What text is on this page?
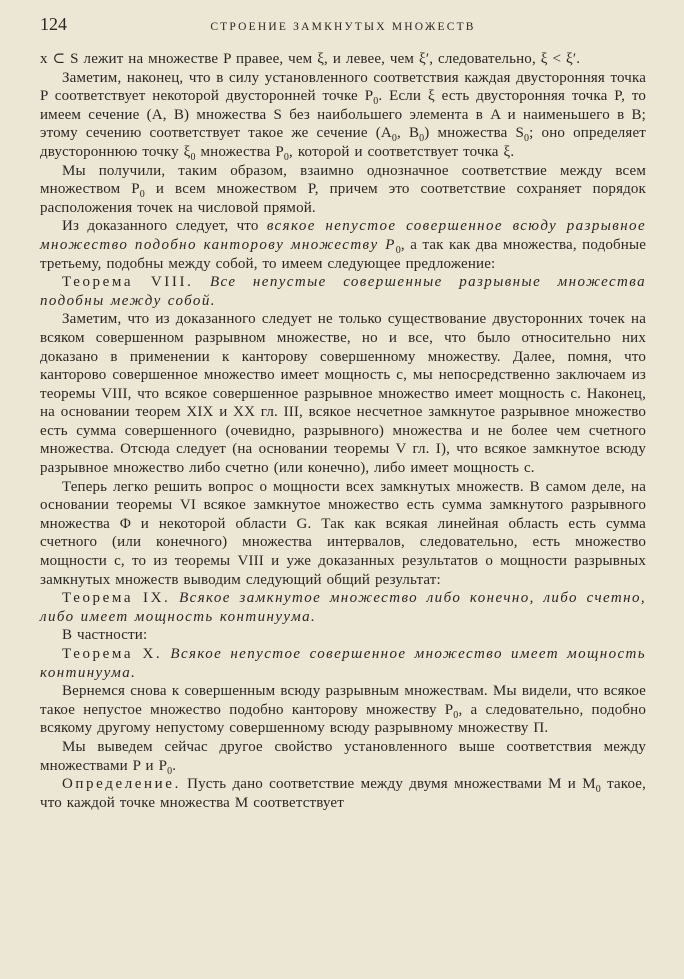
124	СТРОЕНИЕ ЗАМКНУТЫХ МНОЖЕСТВ

x ⊂ S лежит на множестве P правее, чем ξ, и левее, чем ξ′, следовательно, ξ < ξ′.

Заметим, наконец, что в силу установленного соответствия каждая двусторонняя точка P соответствует некоторой двусторонней точке $P_0$. Если ξ есть двусторонняя точка P, то имеем сечение (A, B) множества S без наибольшего элемента в A и наименьшего в B; этому сечению соответствует такое же сечение ($A_0$, $B_0$) множества $S_0$; оно определяет двустороннюю точку $\xi_0$ множества $P_0$, которой и соответствует точка ξ.

Мы получили, таким образом, взаимно однозначное соответствие между всем множеством $P_0$ и всем множеством P, причем это соответствие сохраняет порядок расположения точек на числовой прямой.

Из доказанного следует, что всякое непустое совершенное всюду разрывное множество подобно канторову множеству $P_0$, а так как два множества, подобные третьему, подобны между собой, то имеем следующее предложение:

Теорема VIII. Все непустые совершенные разрывные множества подобны между собой.

Заметим, что из доказанного следует не только существование двусторонних точек на всяком совершенном разрывном множестве, но и все, что было относительно них доказано в применении к канторову совершенному множеству. Далее, помня, что канторово совершенное множество имеет мощность c, мы непосредственно заключаем из теоремы VIII, что всякое совершенное разрывное множество имеет мощность c. Наконец, на основании теорем XIX и XX гл. III, всякое несчетное замкнутое разрывное множество есть сумма совершенного (очевидно, разрывного) множества и не более чем счетного множества. Отсюда следует (на основании теоремы V гл. I), что всякое замкнутое всюду разрывное множество либо счетно (или конечно), либо имеет мощность c.

Теперь легко решить вопрос о мощности всех замкнутых множеств. В самом деле, на основании теоремы VI всякое замкнутое множество есть сумма замкнутого разрывного множества Φ и некоторой области G. Так как всякая линейная область есть сумма счетного (или конечного) множества интервалов, следовательно, есть множество мощности c, то из теоремы VIII и уже доказанных результатов о мощности разрывных замкнутых множеств выводим следующий общий результат:

Теорема IX. Всякое замкнутое множество либо конечно, либо счетно, либо имеет мощность континуума.

В частности:

Теорема X. Всякое непустое совершенное множество имеет мощность континуума.

Вернемся снова к совершенным всюду разрывным множествам. Мы видели, что всякое такое непустое множество подобно канторову множеству $P_0$, а следовательно, подобно всякому другому непустому совершенному всюду разрывному множеству Π.

Мы выведем сейчас другое свойство установленного выше соответствия между множествами P и $P_0$.

Определение. Пусть дано соответствие между двумя множествами M и $M_0$ такое, что каждой точке множества M соответствует
